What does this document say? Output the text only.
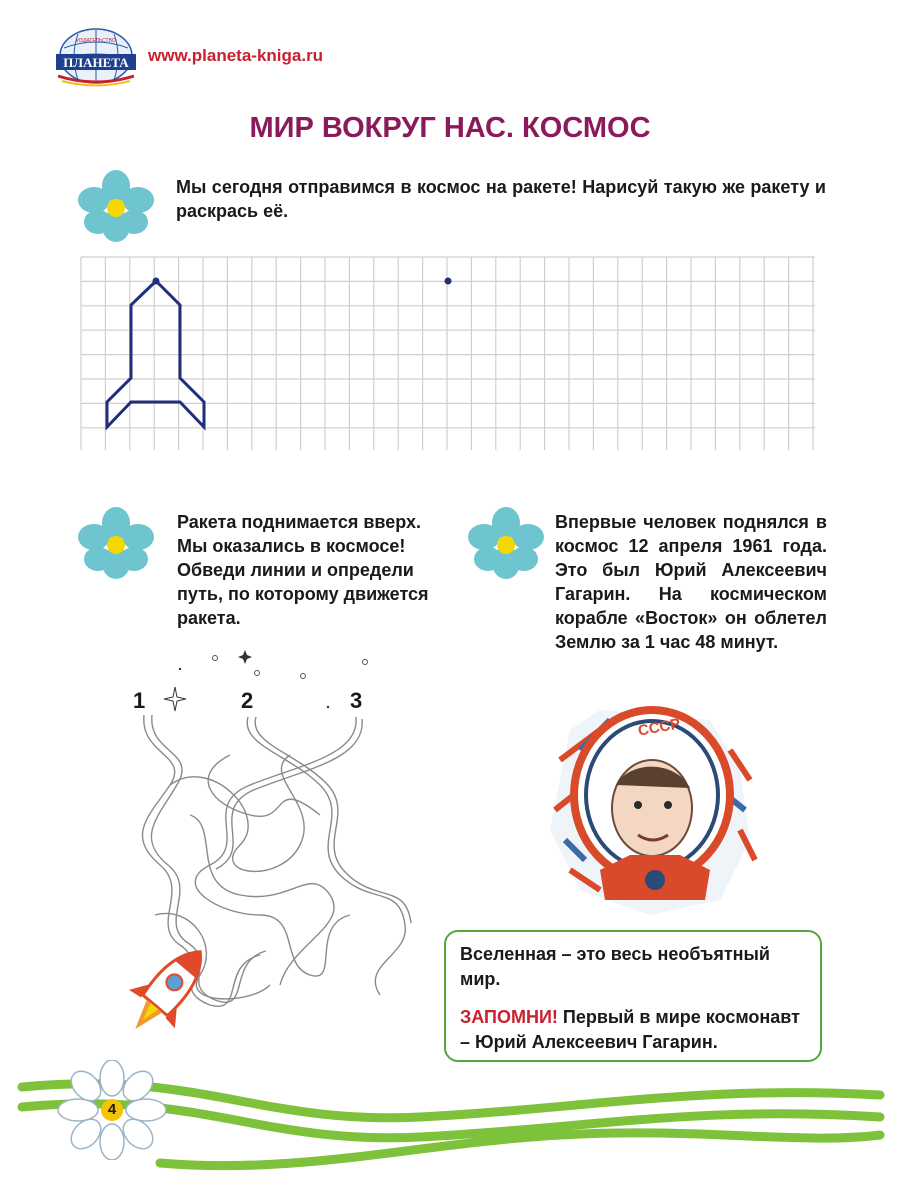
ПЛАНЕТА
ИЗДАТЕЛЬСТВО
www.planeta-kniga.ru
МИР ВОКРУГ НАС. КОСМОС
Мы сегодня отправимся в космос на ракете! Нарисуй такую же ракету и раскрась её.
Ракета поднимается вверх. Мы оказались в космосе! Обведи линии и определи путь, по которому движется ракета.
Впервые человек поднялся в космос 12 апреля 1961 года. Это был Юрий Алексеевич Гагарин. На космическом корабле «Восток» он облетел Землю за 1 час 48 минут.
1	2	3
СССР

Вселенная – это весь необъятный мир.

ЗАПОМНИ! Первый в мире космонавт – Юрий Алексеевич Гагарин.

4
